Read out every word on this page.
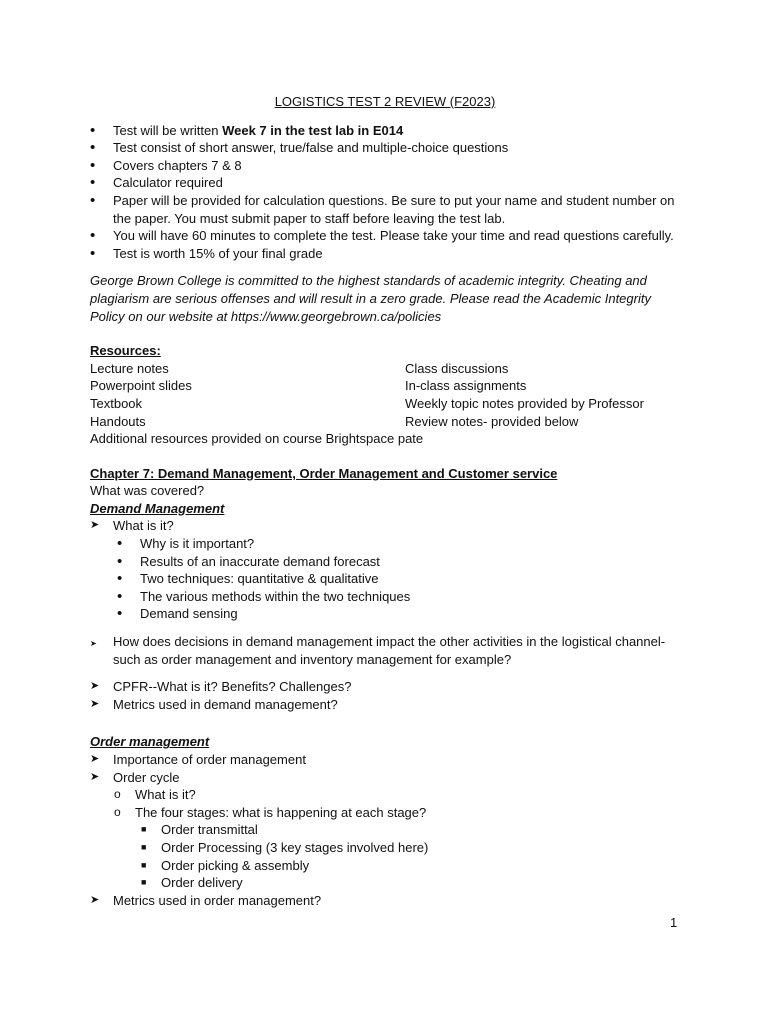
LOGISTICS TEST 2 REVIEW (F2023)
• Test will be written Week 7 in the test lab in E014
• Test consist of short answer, true/false and multiple-choice questions
• Covers chapters 7 & 8
• Calculator required
• Paper will be provided for calculation questions. Be sure to put your name and student number on the paper. You must submit paper to staff before leaving the test lab.
• You will have 60 minutes to complete the test. Please take your time and read questions carefully.
• Test is worth 15% of your final grade
George Brown College is committed to the highest standards of academic integrity. Cheating and plagiarism are serious offenses and will result in a zero grade. Please read the Academic Integrity Policy on our website at https://www.georgebrown.ca/policies
Resources:
Lecture notes	Class discussions
Powerpoint slides	In-class assignments
Textbook	Weekly topic notes provided by Professor
Handouts	Review notes- provided below
Additional resources provided on course Brightspace pate
Chapter 7: Demand Management, Order Management and Customer service
What was covered?
Demand Management
➤ What is it?
• Why is it important?
• Results of an inaccurate demand forecast
• Two techniques: quantitative & qualitative
• The various methods within the two techniques
• Demand sensing
➤ How does decisions in demand management impact the other activities in the logistical channel- such as order management and inventory management for example?
➤ CPFR--What is it? Benefits? Challenges?
➤ Metrics used in demand management?
Order management
➤ Importance of order management
➤ Order cycle
o What is it?
o The four stages: what is happening at each stage?
■ Order transmittal
■ Order Processing (3 key stages involved here)
■ Order picking & assembly
■ Order delivery
➤ Metrics used in order management?
1
